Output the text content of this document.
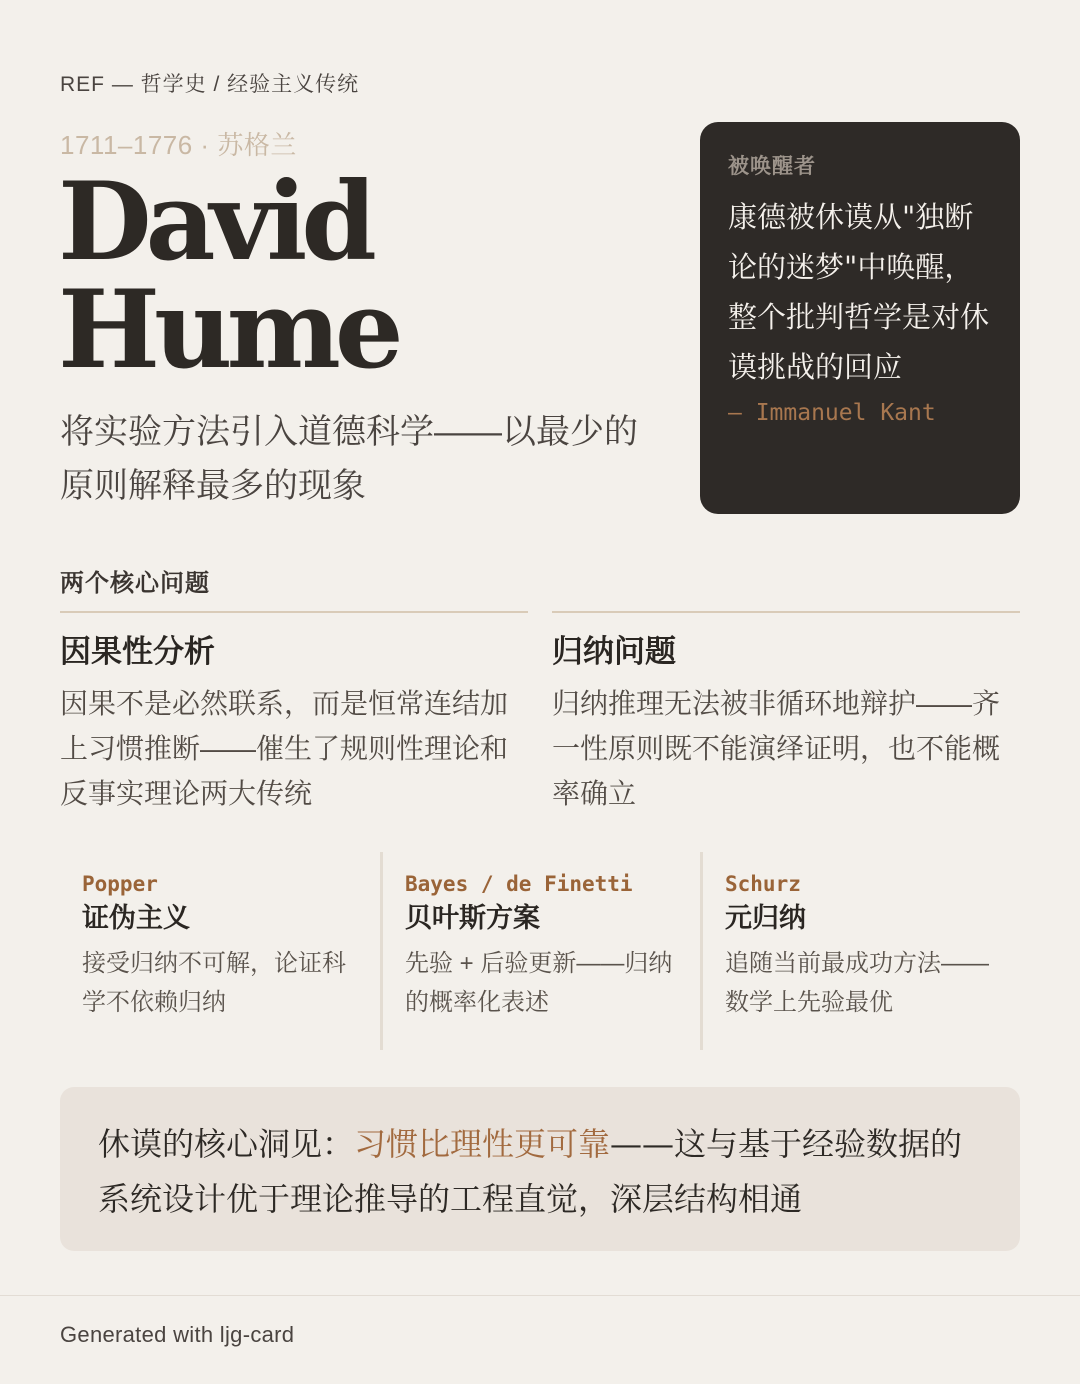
REF — 哲学史 / 经验主义传统
1711–1776 · 苏格兰
David
Hume
将实验方法引入道德科学——以最少的原则解释最多的现象
被唤醒者
康德被休谟从"独断论的迷梦"中唤醒，整个批判哲学是对休谟挑战的回应
— Immanuel Kant
两个核心问题
因果性分析
因果不是必然联系，而是恒常连结加上习惯推断——催生了规则性理论和反事实理论两大传统
归纳问题
归纳推理无法被非循环地辩护——齐一性原则既不能演绎证明，也不能概率确立
Popper
证伪主义
接受归纳不可解，论证科学不依赖归纳
Bayes / de Finetti
贝叶斯方案
先验 + 后验更新——归纳的概率化表述
Schurz
元归纳
追随当前最成功方法——数学上先验最优
休谟的核心洞见：习惯比理性更可靠——这与基于经验数据的系统设计优于理论推导的工程直觉，深层结构相通
Generated with ljg-card
